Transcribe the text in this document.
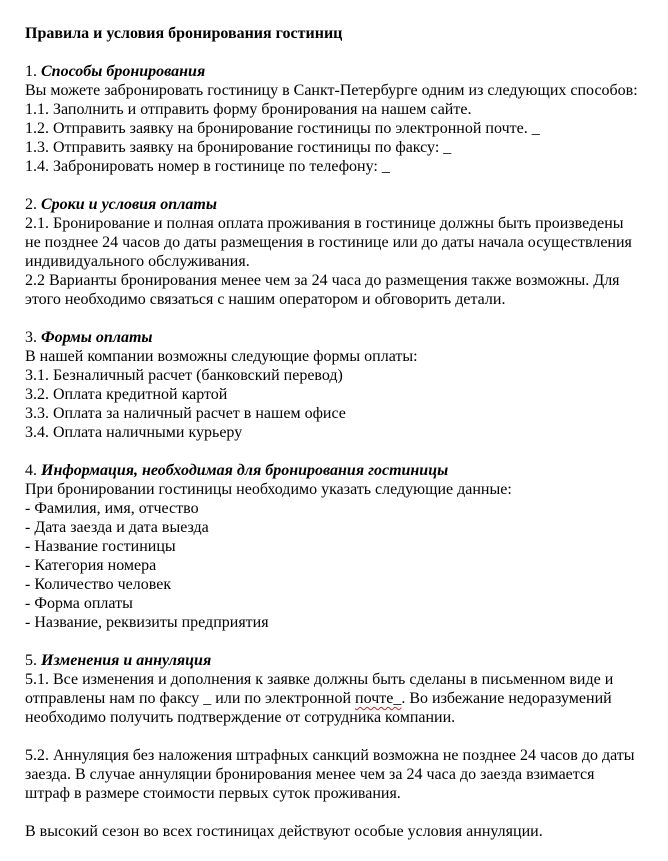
Правила и условия бронирования гостиниц
1. Способы бронирования

Вы можете забронировать гостиницу в Санкт-Петербурге одним из следующих способов:

1.1. Заполнить и отправить форму бронирования на нашем сайте.

1.2. Отправить заявку на бронирование гостиницы по электронной почте. _

1.3. Отправить заявку на бронирование гостиницы по факсу: _

1.4. Забронировать номер в гостинице по телефону: _

2. Сроки и условия оплаты

2.1. Бронирование и полная оплата проживания в гостинице должны быть произведены не позднее 24 часов до даты размещения в гостинице или до даты начала осуществления индивидуального обслуживания.

2.2 Варианты бронирования менее чем за 24 часа до размещения также возможны. Для этого необходимо связаться с нашим оператором и обговорить детали.

3. Формы оплаты

В нашей компании возможны следующие формы оплаты:

3.1. Безналичный расчет (банковский перевод)

3.2. Оплата кредитной картой

3.3. Оплата за наличный расчет в нашем офисе

3.4. Оплата наличными курьеру

4. Информация, необходимая для бронирования гостиницы

При бронировании гостиницы необходимо указать следующие данные:

- Фамилия, имя, отчество

- Дата заезда и дата выезда

- Название гостиницы

- Категория номера

- Количество человек

- Форма оплаты

- Название, реквизиты предприятия

5. Изменения и аннуляция

5.1. Все изменения и дополнения к заявке должны быть сделаны в письменном виде и отправлены нам по факсу _ или по электронной почте_. Во избежание недоразумений необходимо получить подтверждение от сотрудника компании.

5.2. Аннуляция без наложения штрафных санкций возможна не позднее 24 часов до даты заезда. В случае аннуляции бронирования менее чем за 24 часа до заезда взимается штраф в размере стоимости первых суток проживания.

В высокий сезон во всех гостиницах действуют особые условия аннуляции.
